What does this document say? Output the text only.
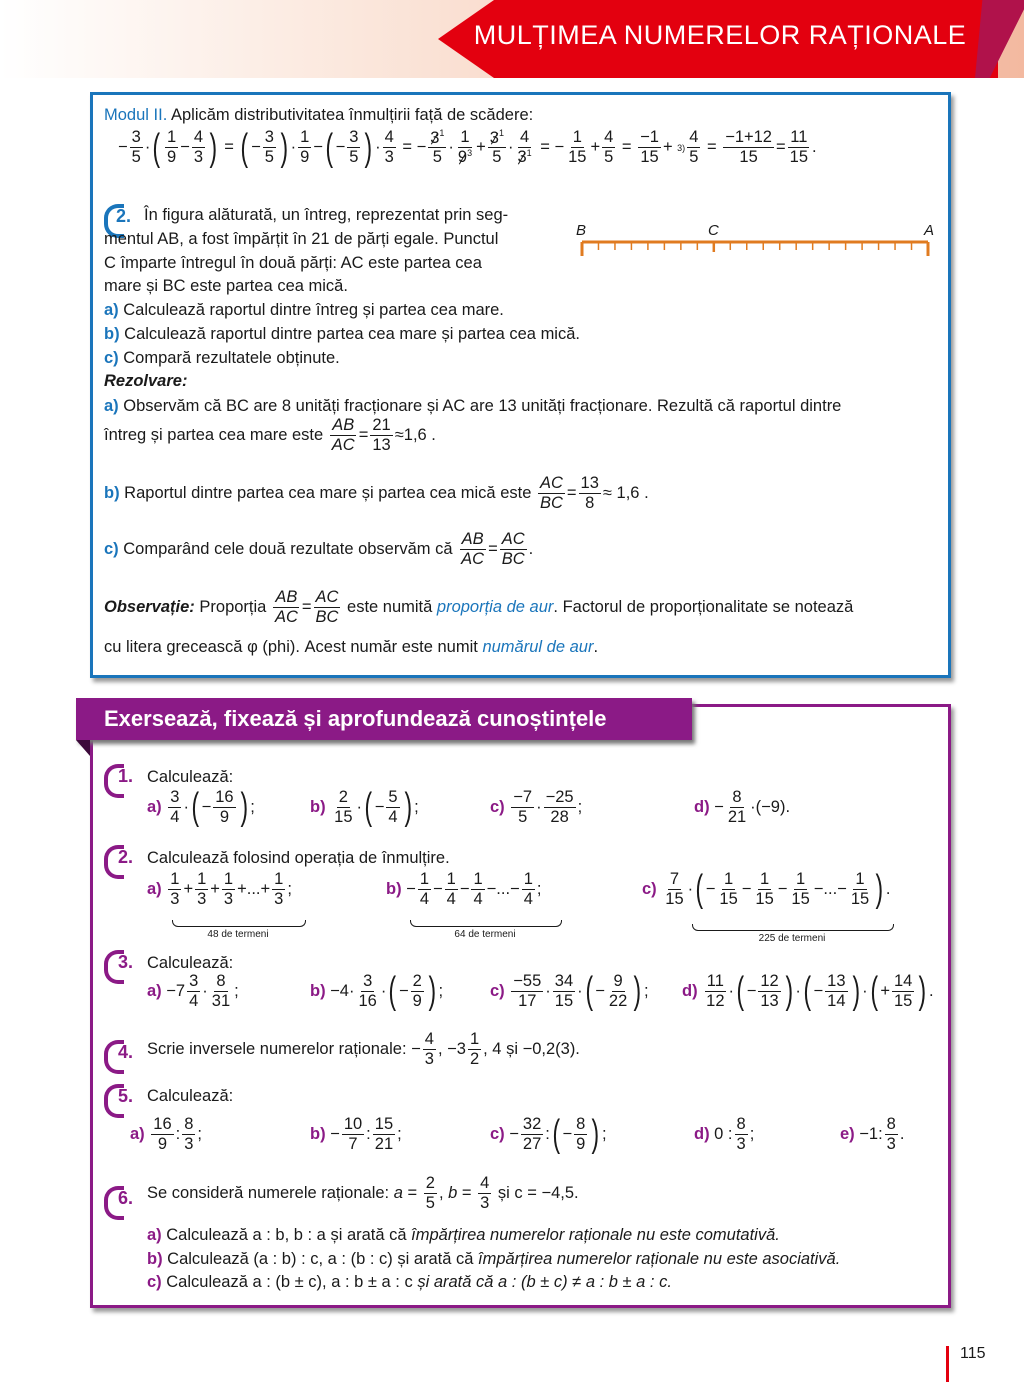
MULȚIMEA NUMERELOR RAȚIONALE
Modul II. Aplicăm distributivitatea înmulțirii față de scădere:
− $\frac{3}{5}$ · ( $\frac{1}{9} - \frac{4}{3}$ ) = ( − $\frac{3}{5}$ ) · $\frac{1}{9}$ − ( − $\frac{3}{5}$ ) · $\frac{4}{3}$ = − $\frac{3^1}{5} \cdot \frac{1}{9^3} + \frac{3^1}{5} \cdot \frac{4}{3^1}$ = − $\frac{1}{15} + \frac{4}{5} = \frac{-1}{15} + 3) \frac{4}{5} = \frac{-1+12}{15} = \frac{11}{15}$ .
2. În figura alăturată, un întreg, reprezentat prin seg-
mentul AB, a fost împărțit în 21 de părți egale. Punctul
C împarte întregul în două părți: AC este partea cea
mare și BC este partea cea mică.
B	C	A
a) Calculează raportul dintre întreg și partea cea mare.
b) Calculează raportul dintre partea cea mare și partea cea mică.
c) Compară rezultatele obținute.
Rezolvare:
a) Observăm că BC are 8 unități fracționare și AC are 13 unități fracționare. Rezultă că raportul dintre
întreg și partea cea mare este
$\frac{AB}{AC} = \frac{21}{13} \approx 1,6$ .
b)
Raportul dintre partea cea mare și partea cea mică este
$\frac{AC}{BC} = \frac{13}{8} \approx 1,6$ .
c)
Comparând cele două rezultate observăm că
$\frac{AB}{AC} = \frac{AC}{BC}$ .
Observație:
Proporția
$\frac{AB}{AC} = \frac{AC}{BC}$
este numită
proporția de aur . Factorul de proporționalitate se notează
cu litera grecească φ (phi). Acest număr este numit numărul de aur.
Exersează, fixează și aprofundează cunoștințele
1. Calculează:
a)
$\frac{3}{4}$ · ( − $\frac{16}{9}$ ) ;	b)
$\frac{2}{15}$ · ( − $\frac{5}{4}$ ) ;	c)
$\frac{-7}{5} \cdot \frac{-25}{28}$ ;	$d) - \frac{8}{21} \cdot(-9)$.
2. Calculează folosind operația de înmulțire.
a)
$\frac{1}{3} + \frac{1}{3} + \frac{1}{3}$ +...+ $\frac{1}{3}$ ;
48 de termeni
$b) - \frac{1}{4} - \frac{1}{4} - \frac{1}{4}$ −...− $\frac{1}{4}$ ;
64 de termeni
c)
$\frac{7}{15}$ · ( − $\frac{1}{15} - \frac{1}{15} - \frac{1}{15}$ −...− $\frac{1}{15}$ ) .
225 de termeni
3. Calculează:
$a) -7 \frac{3}{4} \cdot \frac{8}{31}$ ;	$b) -4\cdot \frac{3}{16}$ · ( − $\frac{2}{9}$ ) ;	c)
$\frac{-55}{17} \cdot \frac{34}{15}$ · ( − $\frac{9}{22}$ ) ; d)
$\frac{11}{12}$ · ( − $\frac{12}{13}$ ) · ( − $\frac{13}{14}$ ) · ( + $\frac{14}{15}$ ) .
4. Scrie inversele numerelor raționale: − $\frac{4}{3}$ , $-3 \frac{1}{2}$ , 4 și −0,2(3).
5. Calculează:
a)
$\frac{16}{9}$ : $\frac{8}{3}$ ;	$b) - \frac{10}{7}$ : $\frac{15}{21}$ ;	$c) - \frac{32}{27}$ : ( − $\frac{8}{9}$ ) ;	d) 0 : $\frac{8}{3}$ ;	e) −1: $\frac{8}{3}$ .
6. Se consideră numerele raționale:
$a = \frac{2}{5}$ , $b = \frac{4}{3}$
și c = −4,5.
a) Calculează a : b, b : a și arată că împărțirea numerelor raționale nu este comutativă.
b) Calculează (a : b) : c, a : (b : c) și arată că împărțirea numerelor raționale nu este asociativă.
c) Calculează a : (b ± c), a : b ± a : c și arată că a : (b ± c) ≠ a : b ± a : c.
115
